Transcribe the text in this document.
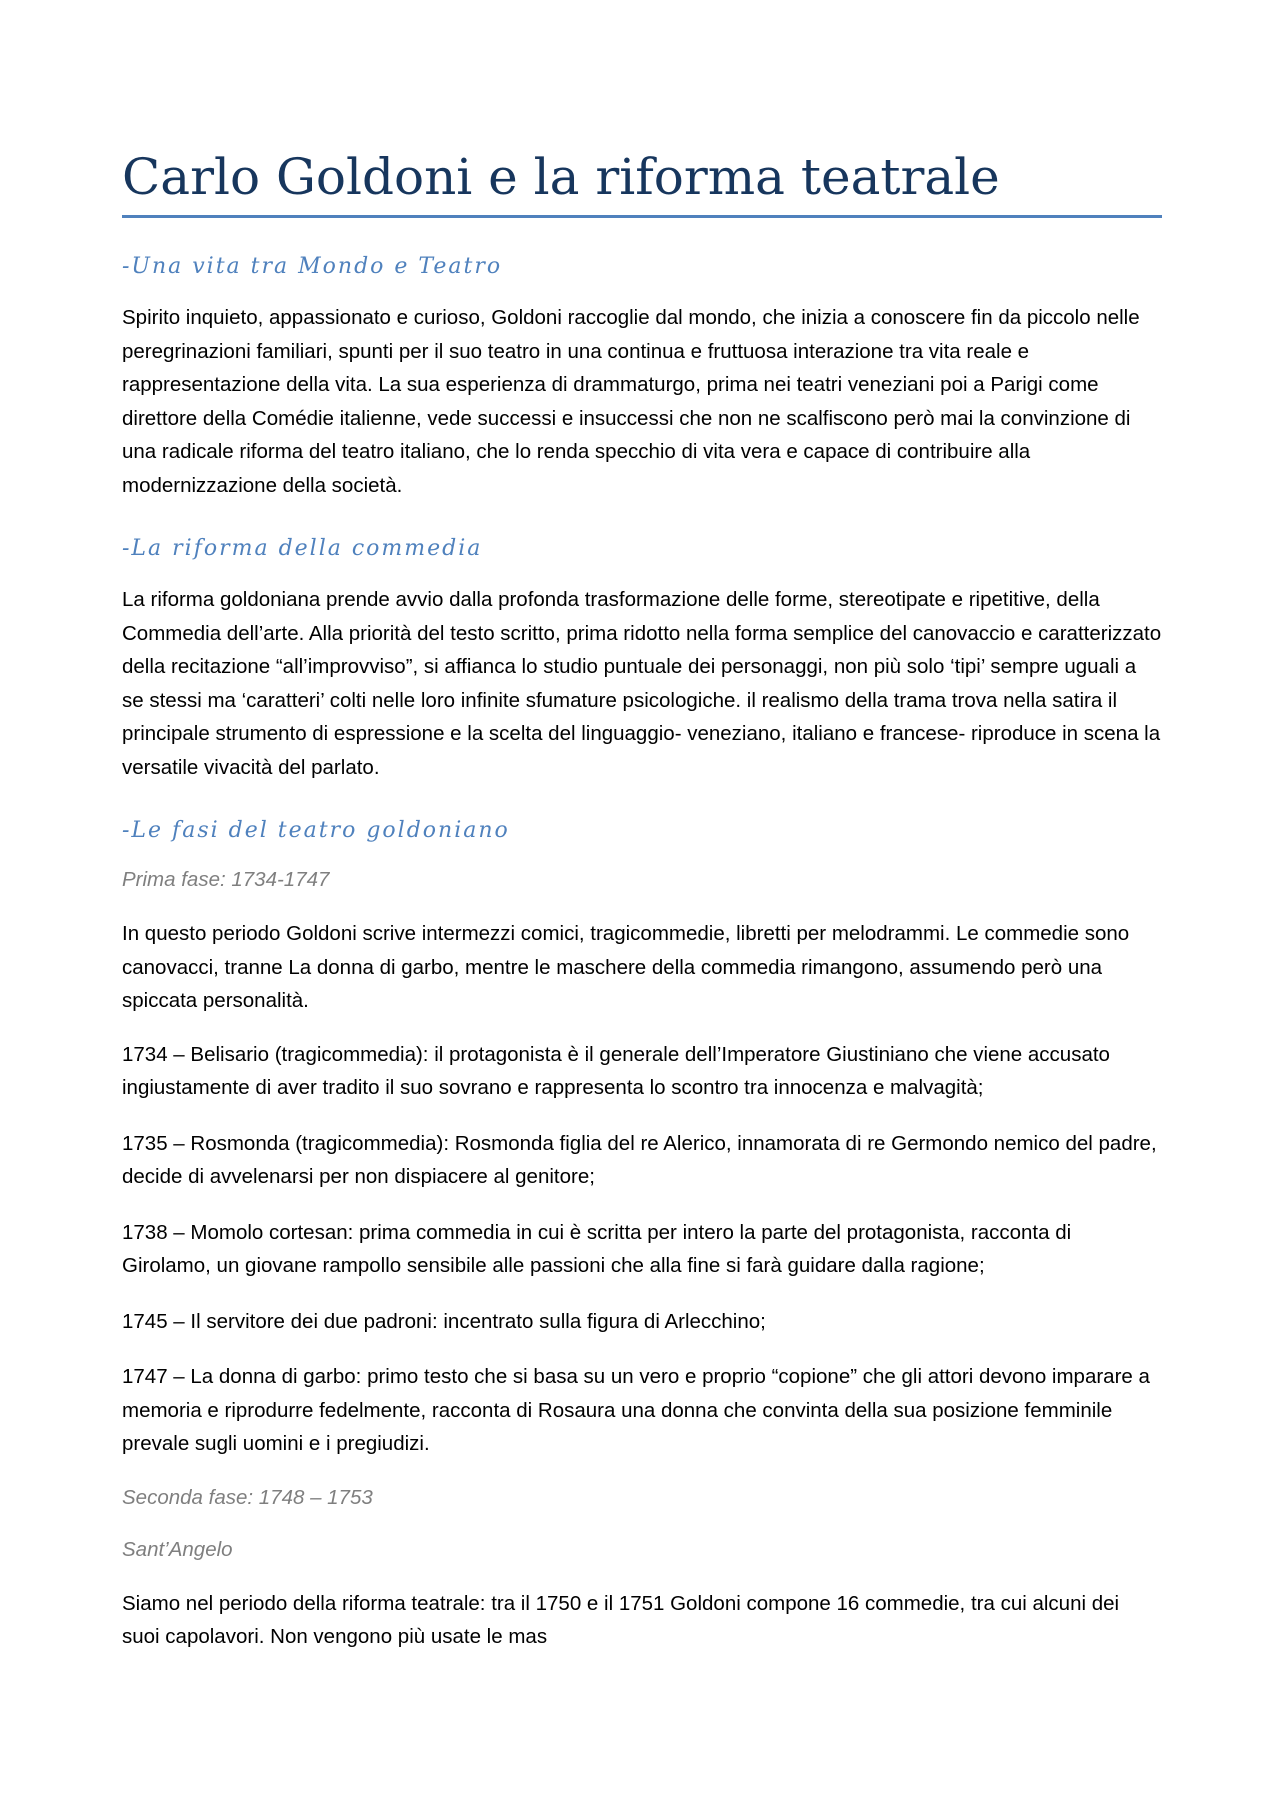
Carlo Goldoni e la riforma teatrale
-Una vita tra Mondo e Teatro

Spirito inquieto, appassionato e curioso, Goldoni raccoglie dal mondo, che inizia a conoscere fin da piccolo nelle peregrinazioni familiari, spunti per il suo teatro in una continua e fruttuosa interazione tra vita reale e rappresentazione della vita. La sua esperienza di drammaturgo, prima nei teatri veneziani poi a Parigi come direttore della Comédie italienne, vede successi e insuccessi che non ne scalfiscono però mai la convinzione di una radicale riforma del teatro italiano, che lo renda specchio di vita vera e capace di contribuire alla modernizzazione della società.

-La riforma della commedia

La riforma goldoniana prende avvio dalla profonda trasformazione delle forme, stereotipate e ripetitive, della Commedia dell’arte. Alla priorità del testo scritto, prima ridotto nella forma semplice del canovaccio e caratterizzato della recitazione “all’improvviso”, si affianca lo studio puntuale dei personaggi, non più solo ‘tipi’ sempre uguali a se stessi ma ‘caratteri’ colti nelle loro infinite sfumature psicologiche. il realismo della trama trova nella satira il principale strumento di espressione e la scelta del linguaggio- veneziano, italiano e francese- riproduce in scena la versatile vivacità del parlato.

-Le fasi del teatro goldoniano

Prima fase: 1734-1747

In questo periodo Goldoni scrive intermezzi comici, tragicommedie, libretti per melodrammi. Le commedie sono canovacci, tranne La donna di garbo, mentre le maschere della commedia rimangono, assumendo però una spiccata personalità.

1734 – Belisario (tragicommedia): il protagonista è il generale dell’Imperatore Giustiniano che viene accusato ingiustamente di aver tradito il suo sovrano e rappresenta lo scontro tra innocenza e malvagità;

1735 – Rosmonda (tragicommedia): Rosmonda figlia del re Alerico, innamorata di re Germondo nemico del padre, decide di avvelenarsi per non dispiacere al genitore;

1738 – Momolo cortesan: prima commedia in cui è scritta per intero la parte del protagonista, racconta di Girolamo, un giovane rampollo sensibile alle passioni che alla fine si farà guidare dalla ragione;

1745 – Il servitore dei due padroni: incentrato sulla figura di Arlecchino;

1747 – La donna di garbo: primo testo che si basa su un vero e proprio “copione” che gli attori devono imparare a memoria e riprodurre fedelmente, racconta di Rosaura una donna che convinta della sua posizione femminile prevale sugli uomini e i pregiudizi.

Seconda fase: 1748 – 1753

Sant’Angelo

Siamo nel periodo della riforma teatrale: tra il 1750 e il 1751 Goldoni compone 16 commedie, tra cui alcuni dei suoi capolavori. Non vengono più usate le mas
